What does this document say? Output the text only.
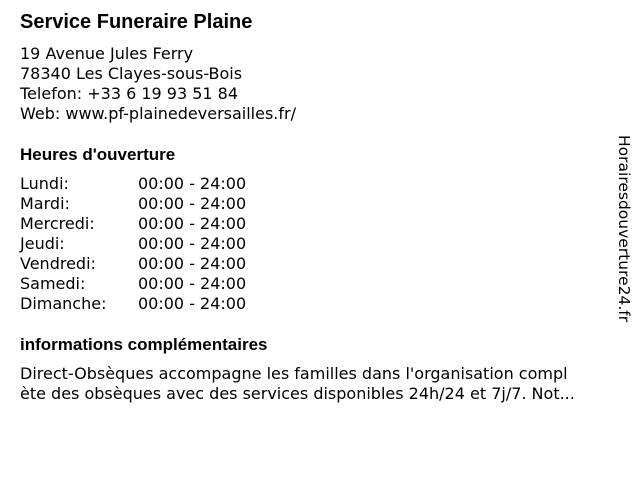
Service Funeraire Plaine
19 Avenue Jules Ferry
78340 Les Clayes-sous-Bois
Telefon: +33 6 19 93 51 84
Web: www.pf-plainedeversailles.fr/
Heures d'ouverture
Lundi:	00:00 - 24:00
Mardi:	00:00 - 24:00
Mercredi:	00:00 - 24:00
Jeudi:	00:00 - 24:00
Vendredi:	00:00 - 24:00
Samedi:	00:00 - 24:00
Dimanche: 00:00 - 24:00
informations complémentaires
Direct-Obsèques accompagne les familles dans l'organisation compl
ète des obsèques avec des services disponibles 24h/24 et 7j/7. Not...
Horairesdouverture24.fr
